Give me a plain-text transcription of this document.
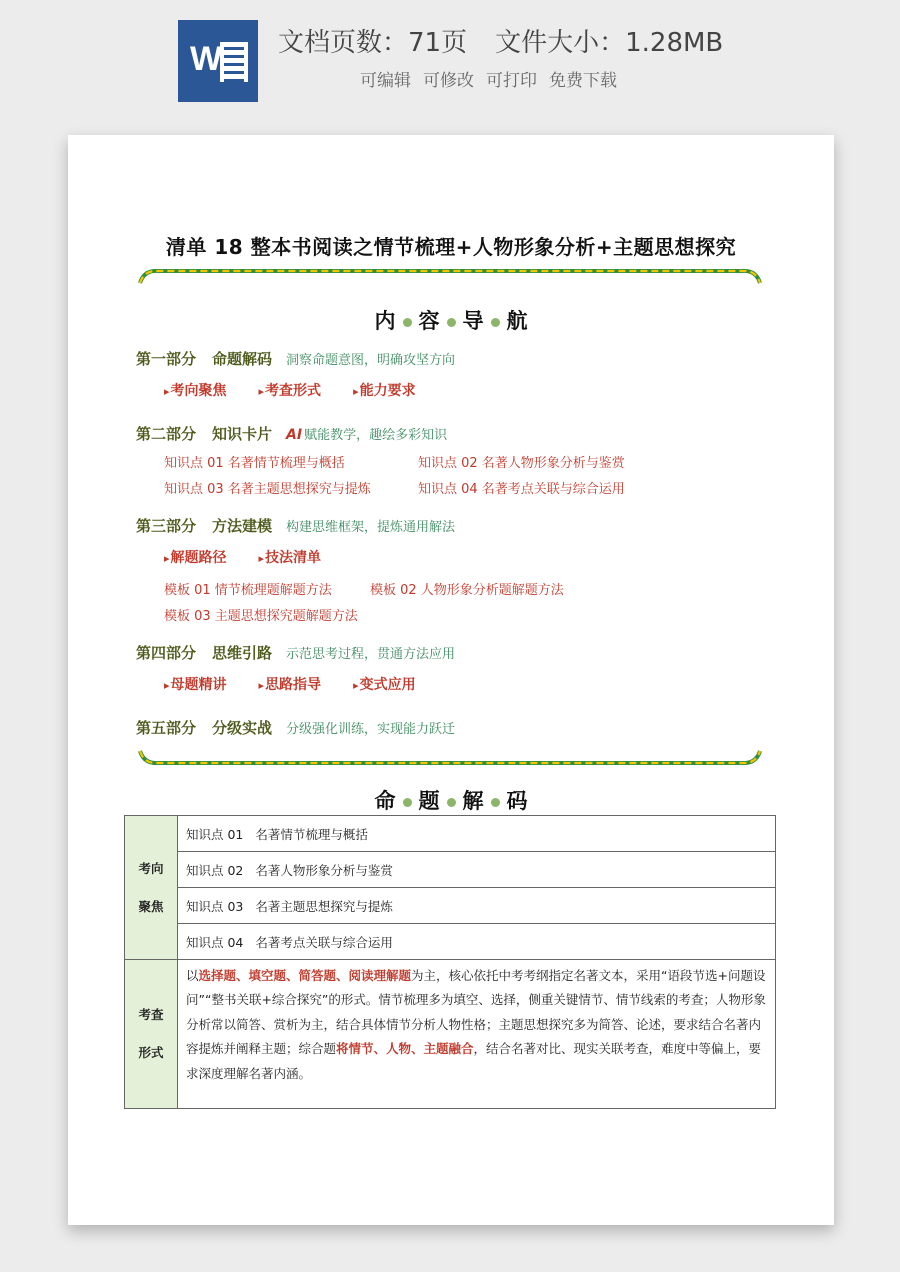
W 文档页数：71页 文件大小：1.28MB
可编辑 可修改 可打印 免费下载
清单 18 整本书阅读之情节梳理+人物形象分析+主题思想探究
内 容 导 航
第一部分 命题解码 洞察命题意图，明确攻坚方向
▸ 考向聚焦	▸ 考查形式	▸ 能力要求
第二部分 知识卡片 AI 赋能教学，趣绘多彩知识
知识点 01 名著情节梳理与概括	知识点 02 名著人物形象分析与鉴赏
知识点 03 名著主题思想探究与提炼	知识点 04 名著考点关联与综合运用
第三部分 方法建模 构建思维框架，提炼通用解法
▸ 解题路径	▸ 技法清单
模板 01 情节梳理题解题方法	模板 02 人物形象分析题解题方法
模板 03 主题思想探究题解题方法
第四部分 思维引路 示范思考过程，贯通方法应用
▸ 母题精讲	▸ 思路指导	▸ 变式应用
第五部分 分级实战 分级强化训练，实现能力跃迁
命 题 解 码
考向
聚焦	知识点 01 名著情节梳理与概括
	知识点 02 名著人物形象分析与鉴赏
	知识点 03 名著主题思想探究与提炼
	知识点 04 名著考点关联与综合运用
考查
形式	以选择题、填空题、简答题、阅读理解题为主，核心依托中考考纲指定名著文本，采用“语段节选+问题设问”“整书关联+综合探究”的形式。情节梳理多为填空、选择，侧重关键情节、情节线索的考查；人物形象分析常以简答、赏析为主，结合具体情节分析人物性格；主题思想探究多为简答、论述，要求结合名著内容提炼并阐释主题；综合题将情节、人物、主题融合，结合名著对比、现实关联考查，难度中等偏上，要求深度理解名著内涵。
